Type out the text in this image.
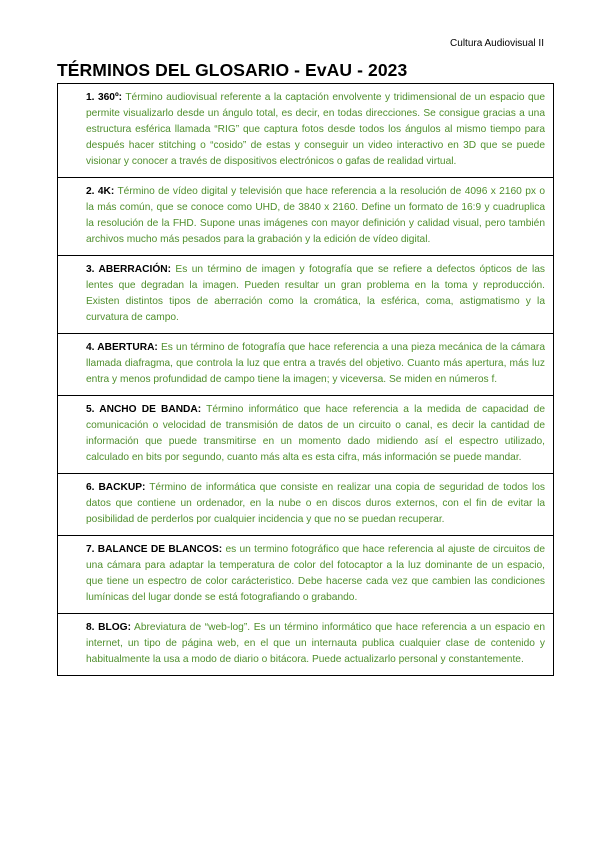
Cultura Audiovisual II
TÉRMINOS DEL GLOSARIO - EvAU - 2023
1. 360º: Término audiovisual referente a la captación envolvente y tridimensional de un espacio que permite visualizarlo desde un ángulo total, es decir, en todas direcciones. Se consigue gracias a una estructura esférica llamada “RIG” que captura fotos desde todos los ángulos al mismo tiempo para después hacer stitching o “cosido” de estas y conseguir un video interactivo en 3D que se puede visionar y conocer a través de dispositivos electrónicos o gafas de realidad virtual.
2. 4K: Término de vídeo digital y televisión que hace referencia a la resolución de 4096 x 2160 px o la más común, que se conoce como UHD, de 3840 x 2160. Define un formato de 16:9 y cuadruplica la resolución de la FHD. Supone unas imágenes con mayor definición y calidad visual, pero también archivos mucho más pesados para la grabación y la edición de vídeo digital.
3. ABERRACIÓN: Es un término de imagen y fotografía que se refiere a defectos ópticos de las lentes que degradan la imagen. Pueden resultar un gran problema en la toma y reproducción. Existen distintos tipos de aberración como la cromática, la esférica, coma, astigmatismo y la curvatura de campo.
4. ABERTURA: Es un término de fotografía que hace referencia a una pieza mecánica de la cámara llamada diafragma, que controla la luz que entra a través del objetivo. Cuanto más apertura, más luz entra y menos profundidad de campo tiene la imagen; y viceversa. Se miden en números f.
5. ANCHO DE BANDA: Término informático que hace referencia a la medida de capacidad de comunicación o velocidad de transmisión de datos de un circuito o canal, es decir la cantidad de información que puede transmitirse en un momento dado midiendo así el espectro utilizado, calculado en bits por segundo, cuanto más alta es esta cifra, más información se puede mandar.
6. BACKUP: Término de informática que consiste en realizar una copia de seguridad de todos los datos que contiene un ordenador, en la nube o en discos duros externos, con el fin de evitar la posibilidad de perderlos por cualquier incidencia y que no se puedan recuperar.
7. BALANCE DE BLANCOS: es un termino fotográfico que hace referencia al ajuste de circuitos de una cámara para adaptar la temperatura de color del fotocaptor a la luz dominante de un espacio, que tiene un espectro de color carácteristico. Debe hacerse cada vez que cambien las condiciones lumínicas del lugar donde se está fotografiando o grabando.
8. BLOG: Abreviatura de “web-log”. Es un término informático que hace referencia a un espacio en internet, un tipo de página web, en el que un internauta publica cualquier clase de contenido y habitualmente la usa a modo de diario o bitácora. Puede actualizarlo personal y constantemente.
